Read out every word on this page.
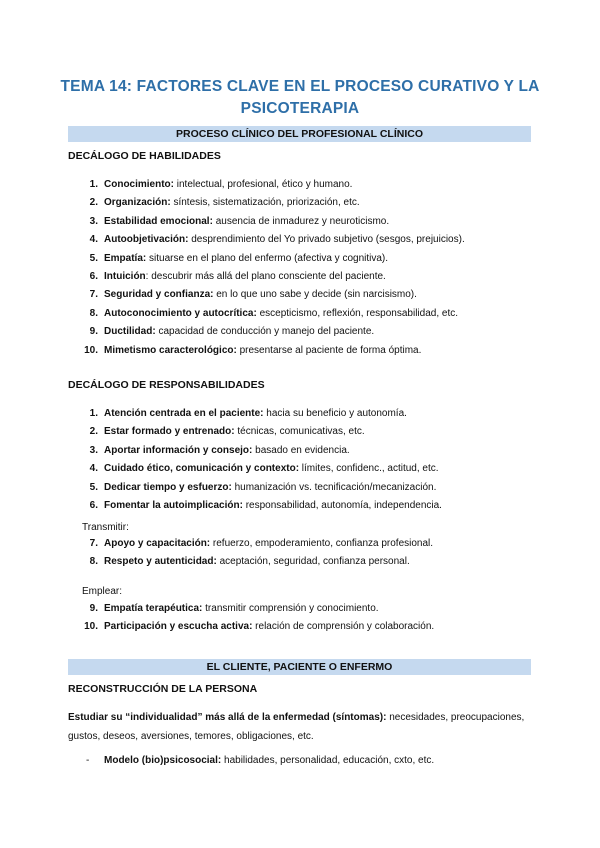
TEMA 14: FACTORES CLAVE EN EL PROCESO CURATIVO Y LA
PSICOTERAPIA
PROCESO CLÍNICO DEL PROFESIONAL CLÍNICO
DECÁLOGO DE HABILIDADES
1. Conocimiento: intelectual, profesional, ético y humano.
2. Organización: síntesis, sistematización, priorización, etc.
3. Estabilidad emocional: ausencia de inmadurez y neuroticismo.
4. Autoobjetivación: desprendimiento del Yo privado subjetivo (sesgos, prejuicios).
5. Empatía: situarse en el plano del enfermo (afectiva y cognitiva).
6. Intuición: descubrir más allá del plano consciente del paciente.
7. Seguridad y confianza: en lo que uno sabe y decide (sin narcisismo).
8. Autoconocimiento y autocrítica: escepticismo, reflexión, responsabilidad, etc.
9. Ductilidad: capacidad de conducción y manejo del paciente.
10. Mimetismo caracterológico: presentarse al paciente de forma óptima.
DECÁLOGO DE RESPONSABILIDADES
1. Atención centrada en el paciente: hacia su beneficio y autonomía.
2. Estar formado y entrenado: técnicas, comunicativas, etc.
3. Aportar información y consejo: basado en evidencia.
4. Cuidado ético, comunicación y contexto: límites, confidenc., actitud, etc.
5. Dedicar tiempo y esfuerzo: humanización vs. tecnificación/mecanización.
6. Fomentar la autoimplicación: responsabilidad, autonomía, independencia.
Transmitir:
7. Apoyo y capacitación: refuerzo, empoderamiento, confianza profesional.
8. Respeto y autenticidad: aceptación, seguridad, confianza personal.
Emplear:
9. Empatía terapéutica: transmitir comprensión y conocimiento.
10. Participación y escucha activa: relación de comprensión y colaboración.
EL CLIENTE, PACIENTE O ENFERMO
RECONSTRUCCIÓN DE LA PERSONA
Estudiar su “individualidad” más allá de la enfermedad (síntomas): necesidades, preocupaciones, gustos, deseos, aversiones, temores, obligaciones, etc.
- Modelo (bio)psicosocial: habilidades, personalidad, educación, cxto, etc.
